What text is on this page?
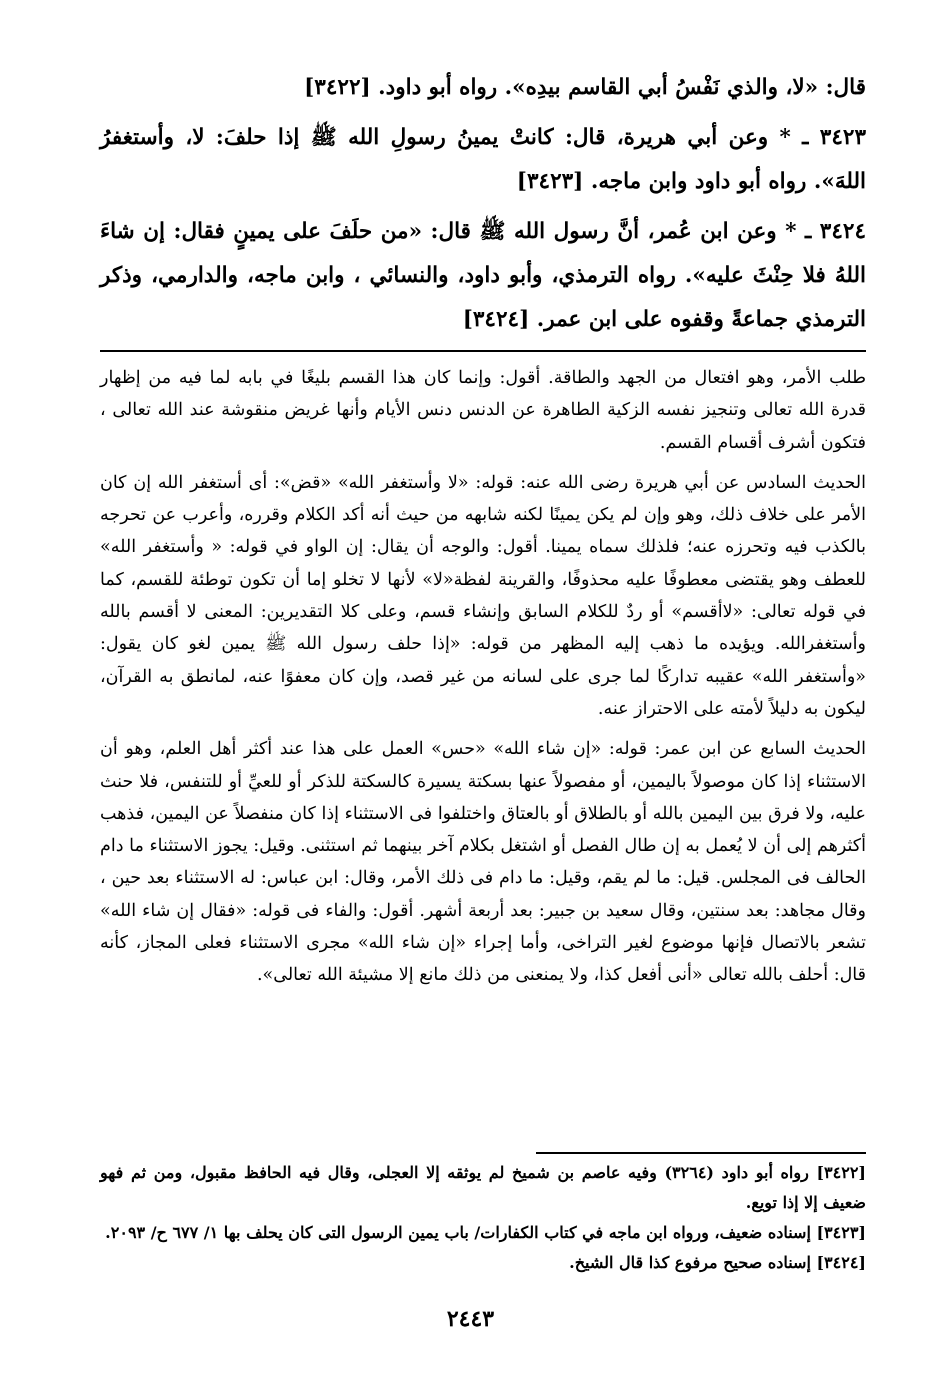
قال: «لا، والذي نَفْسُ أبي القاسم بيدِه». رواه أبو داود. [٣٤٢٢]

٣٤٢٣ ـ * وعن أبي هريرة، قال: كانتْ يمينُ رسولِ الله ﷺ إذا حلفَ: لا، وأستغفرُ اللهَ». رواه أبو داود وابن ماجه. [٣٤٢٣]

٣٤٢٤ ـ * وعن ابن عُمر، أنَّ رسول الله ﷺ قال: «من حلَفَ على يمينٍ فقال: إن شاءَ اللهُ فلا حِنْثَ عليه». رواه الترمذي، وأبو داود، والنسائي ، وابن ماجه، والدارمي، وذكر الترمذي جماعةً وقفوه على ابن عمر. [٣٤٢٤]

طلب الأمر، وهو افتعال من الجهد والطاقة. أقول: وإنما كان هذا القسم بليغًا في بابه لما فيه من إظهار قدرة الله تعالى وتنجيز نفسه الزكية الطاهرة عن الدنس دنس الأيام وأنها غريض منقوشة عند الله تعالى ، فتكون أشرف أقسام القسم.

الحديث السادس عن أبي هريرة رضى الله عنه: قوله: «لا وأستغفر الله» «قض»: أى أستغفر الله إن كان الأمر على خلاف ذلك، وهو وإن لم يكن يمينًا لكنه شابهه من حيث أنه أكد الكلام وقرره، وأعرب عن تحرجه بالكذب فيه وتحرزه عنه؛ فلذلك سماه يمينا. أقول: والوجه أن يقال: إن الواو في قوله: « وأستغفر الله» للعطف وهو يقتضى معطوفًا عليه محذوفًا، والقرينة لفظة«لا» لأنها لا تخلو إما أن تكون توطئة للقسم، كما في قوله تعالى: «لاأقسم» أو ردٌ للكلام السابق وإنشاء قسم، وعلى كلا التقديرين: المعنى لا أقسم بالله وأستغفرالله. ويؤيده ما ذهب إليه المظهر من قوله: «إذا حلف رسول الله ﷺ يمين لغو كان يقول: «وأستغفر الله» عقيبه تداركًا لما جرى على لسانه من غير قصد، وإن كان معفوًا عنه، لمانطق به القرآن، ليكون به دليلاً لأمته على الاحتراز عنه.

الحديث السابع عن ابن عمر: قوله: «إن شاء الله» «حس» العمل على هذا عند أكثر أهل العلم، وهو أن الاستثناء إذا كان موصولاً باليمين، أو مفصولاً عنها بسكتة يسيرة كالسكتة للذكر أو للعيِّ أو للتنفس، فلا حنث عليه، ولا فرق بين اليمين بالله أو بالطلاق أو بالعتاق واختلفوا فى الاستثناء إذا كان منفصلاً عن اليمين، فذهب أكثرهم إلى أن لا يُعمل به إن طال الفصل أو اشتغل بكلام آخر بينهما ثم استثنى. وقيل: يجوز الاستثناء ما دام الحالف فى المجلس. قيل: ما لم يقم، وقيل: ما دام فى ذلك الأمر، وقال: ابن عباس: له الاستثناء بعد حين ، وقال مجاهد: بعد سنتين، وقال سعيد بن جبير: بعد أربعة أشهر. أقول: والفاء فى قوله: «فقال إن شاء الله» تشعر بالاتصال فإنها موضوع لغير التراخى، وأما إجراء «إن شاء الله» مجرى الاستثناء فعلى المجاز، كأنه قال: أحلف بالله تعالى «أنى أفعل كذا، ولا يمنعنى من ذلك مانع إلا مشيئة الله تعالى».

[٣٤٢٢] رواه أبو داود (٣٢٦٤) وفيه عاصم بن شميخ لم يوثقه إلا العجلى، وقال فيه الحافظ مقبول، ومن ثم فهو ضعيف إلا إذا تويع.

[٣٤٢٣] إسناده ضعيف، ورواه ابن ماجه في كتاب الكفارات/ باب يمين الرسول التى كان يحلف بها ١/ ٦٧٧ ح/ ٢٠٩٣.

[٣٤٢٤] إسناده صحيح مرفوع كذا قال الشيخ.

٢٤٤٣
